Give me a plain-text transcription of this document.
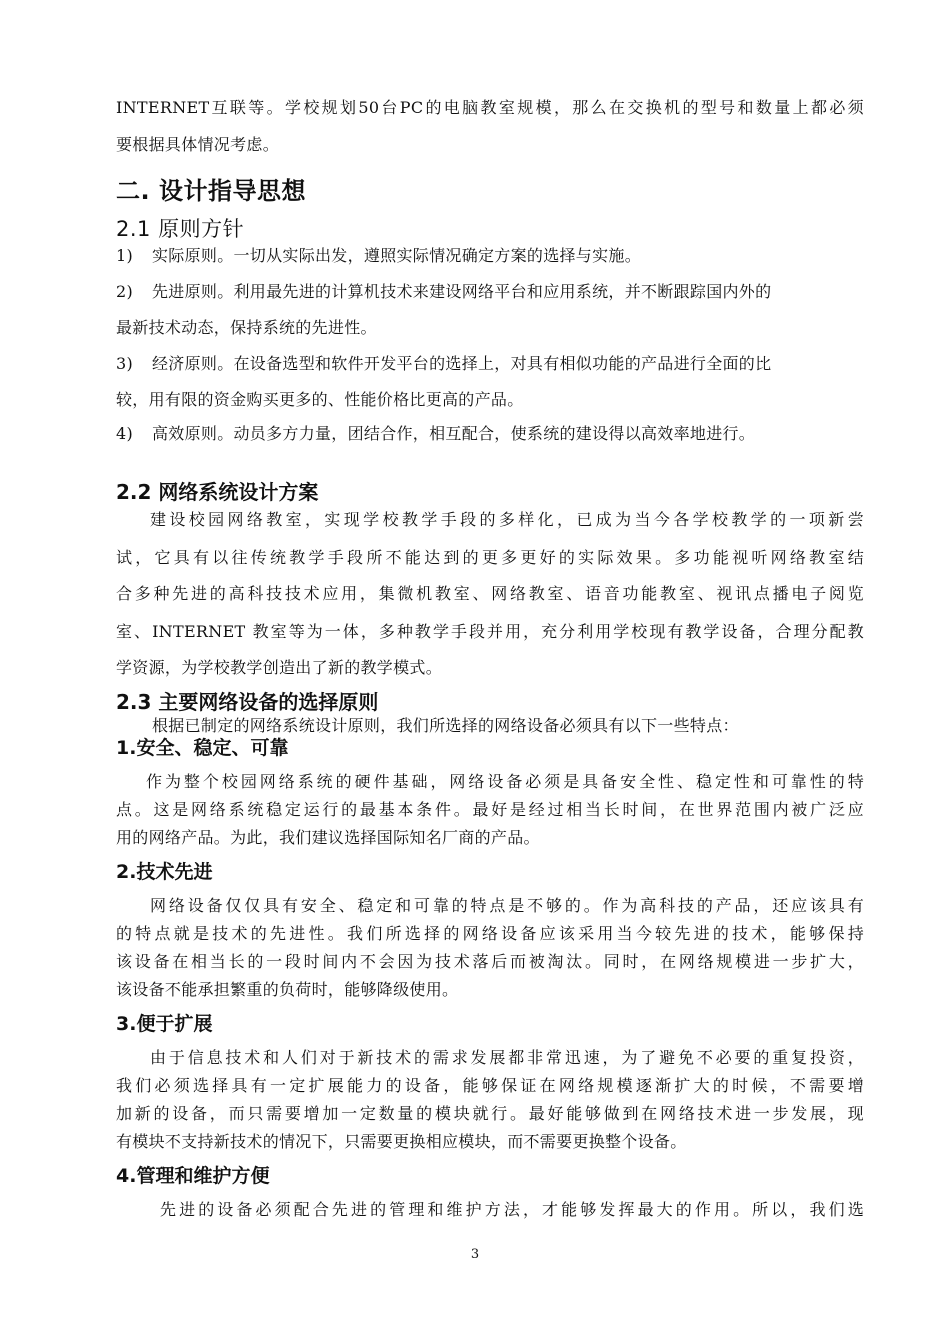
INTERNET互联等。学校规划50台PC的电脑教室规模，那么在交换机的型号和数量上都必须
要根据具体情况考虑。
二. 设计指导思想
2.1 原则方针
1) 实际原则。一切从实际出发，遵照实际情况确定方案的选择与实施。
2) 先进原则。利用最先进的计算机技术来建设网络平台和应用系统，并不断跟踪国内外的
最新技术动态，保持系统的先进性。
3) 经济原则。在设备选型和软件开发平台的选择上，对具有相似功能的产品进行全面的比
较，用有限的资金购买更多的、性能价格比更高的产品。
4) 高效原则。动员多方力量，团结合作，相互配合，使系统的建设得以高效率地进行。
2.2 网络系统设计方案
建设校园网络教室，实现学校教学手段的多样化，已成为当今各学校教学的一项新尝
试，它具有以往传统教学手段所不能达到的更多更好的实际效果。多功能视听网络教室结
合多种先进的高科技技术应用，集微机教室、网络教室、语音功能教室、视讯点播电子阅览
室、INTERNET 教室等为一体，多种教学手段并用，充分利用学校现有教学设备，合理分配教
学资源，为学校教学创造出了新的教学模式。
2.3 主要网络设备的选择原则
根据已制定的网络系统设计原则，我们所选择的网络设备必须具有以下一些特点：
1.安全、稳定、可靠
作为整个校园网络系统的硬件基础，网络设备必须是具备安全性、稳定性和可靠性的特
点。这是网络系统稳定运行的最基本条件。最好是经过相当长时间，在世界范围内被广泛应
用的网络产品。为此，我们建议选择国际知名厂商的产品。
2.技术先进
网络设备仅仅具有安全、稳定和可靠的特点是不够的。作为高科技的产品，还应该具有
的特点就是技术的先进性。我们所选择的网络设备应该采用当今较先进的技术，能够保持
该设备在相当长的一段时间内不会因为技术落后而被淘汰。同时，在网络规模进一步扩大，
该设备不能承担繁重的负荷时，能够降级使用。
3.便于扩展
由于信息技术和人们对于新技术的需求发展都非常迅速，为了避免不必要的重复投资，
我们必须选择具有一定扩展能力的设备，能够保证在网络规模逐渐扩大的时候，不需要增
加新的设备，而只需要增加一定数量的模块就行。最好能够做到在网络技术进一步发展，现
有模块不支持新技术的情况下，只需要更换相应模块，而不需要更换整个设备。
4.管理和维护方便
先进的设备必须配合先进的管理和维护方法，才能够发挥最大的作用。所以，我们选
3
